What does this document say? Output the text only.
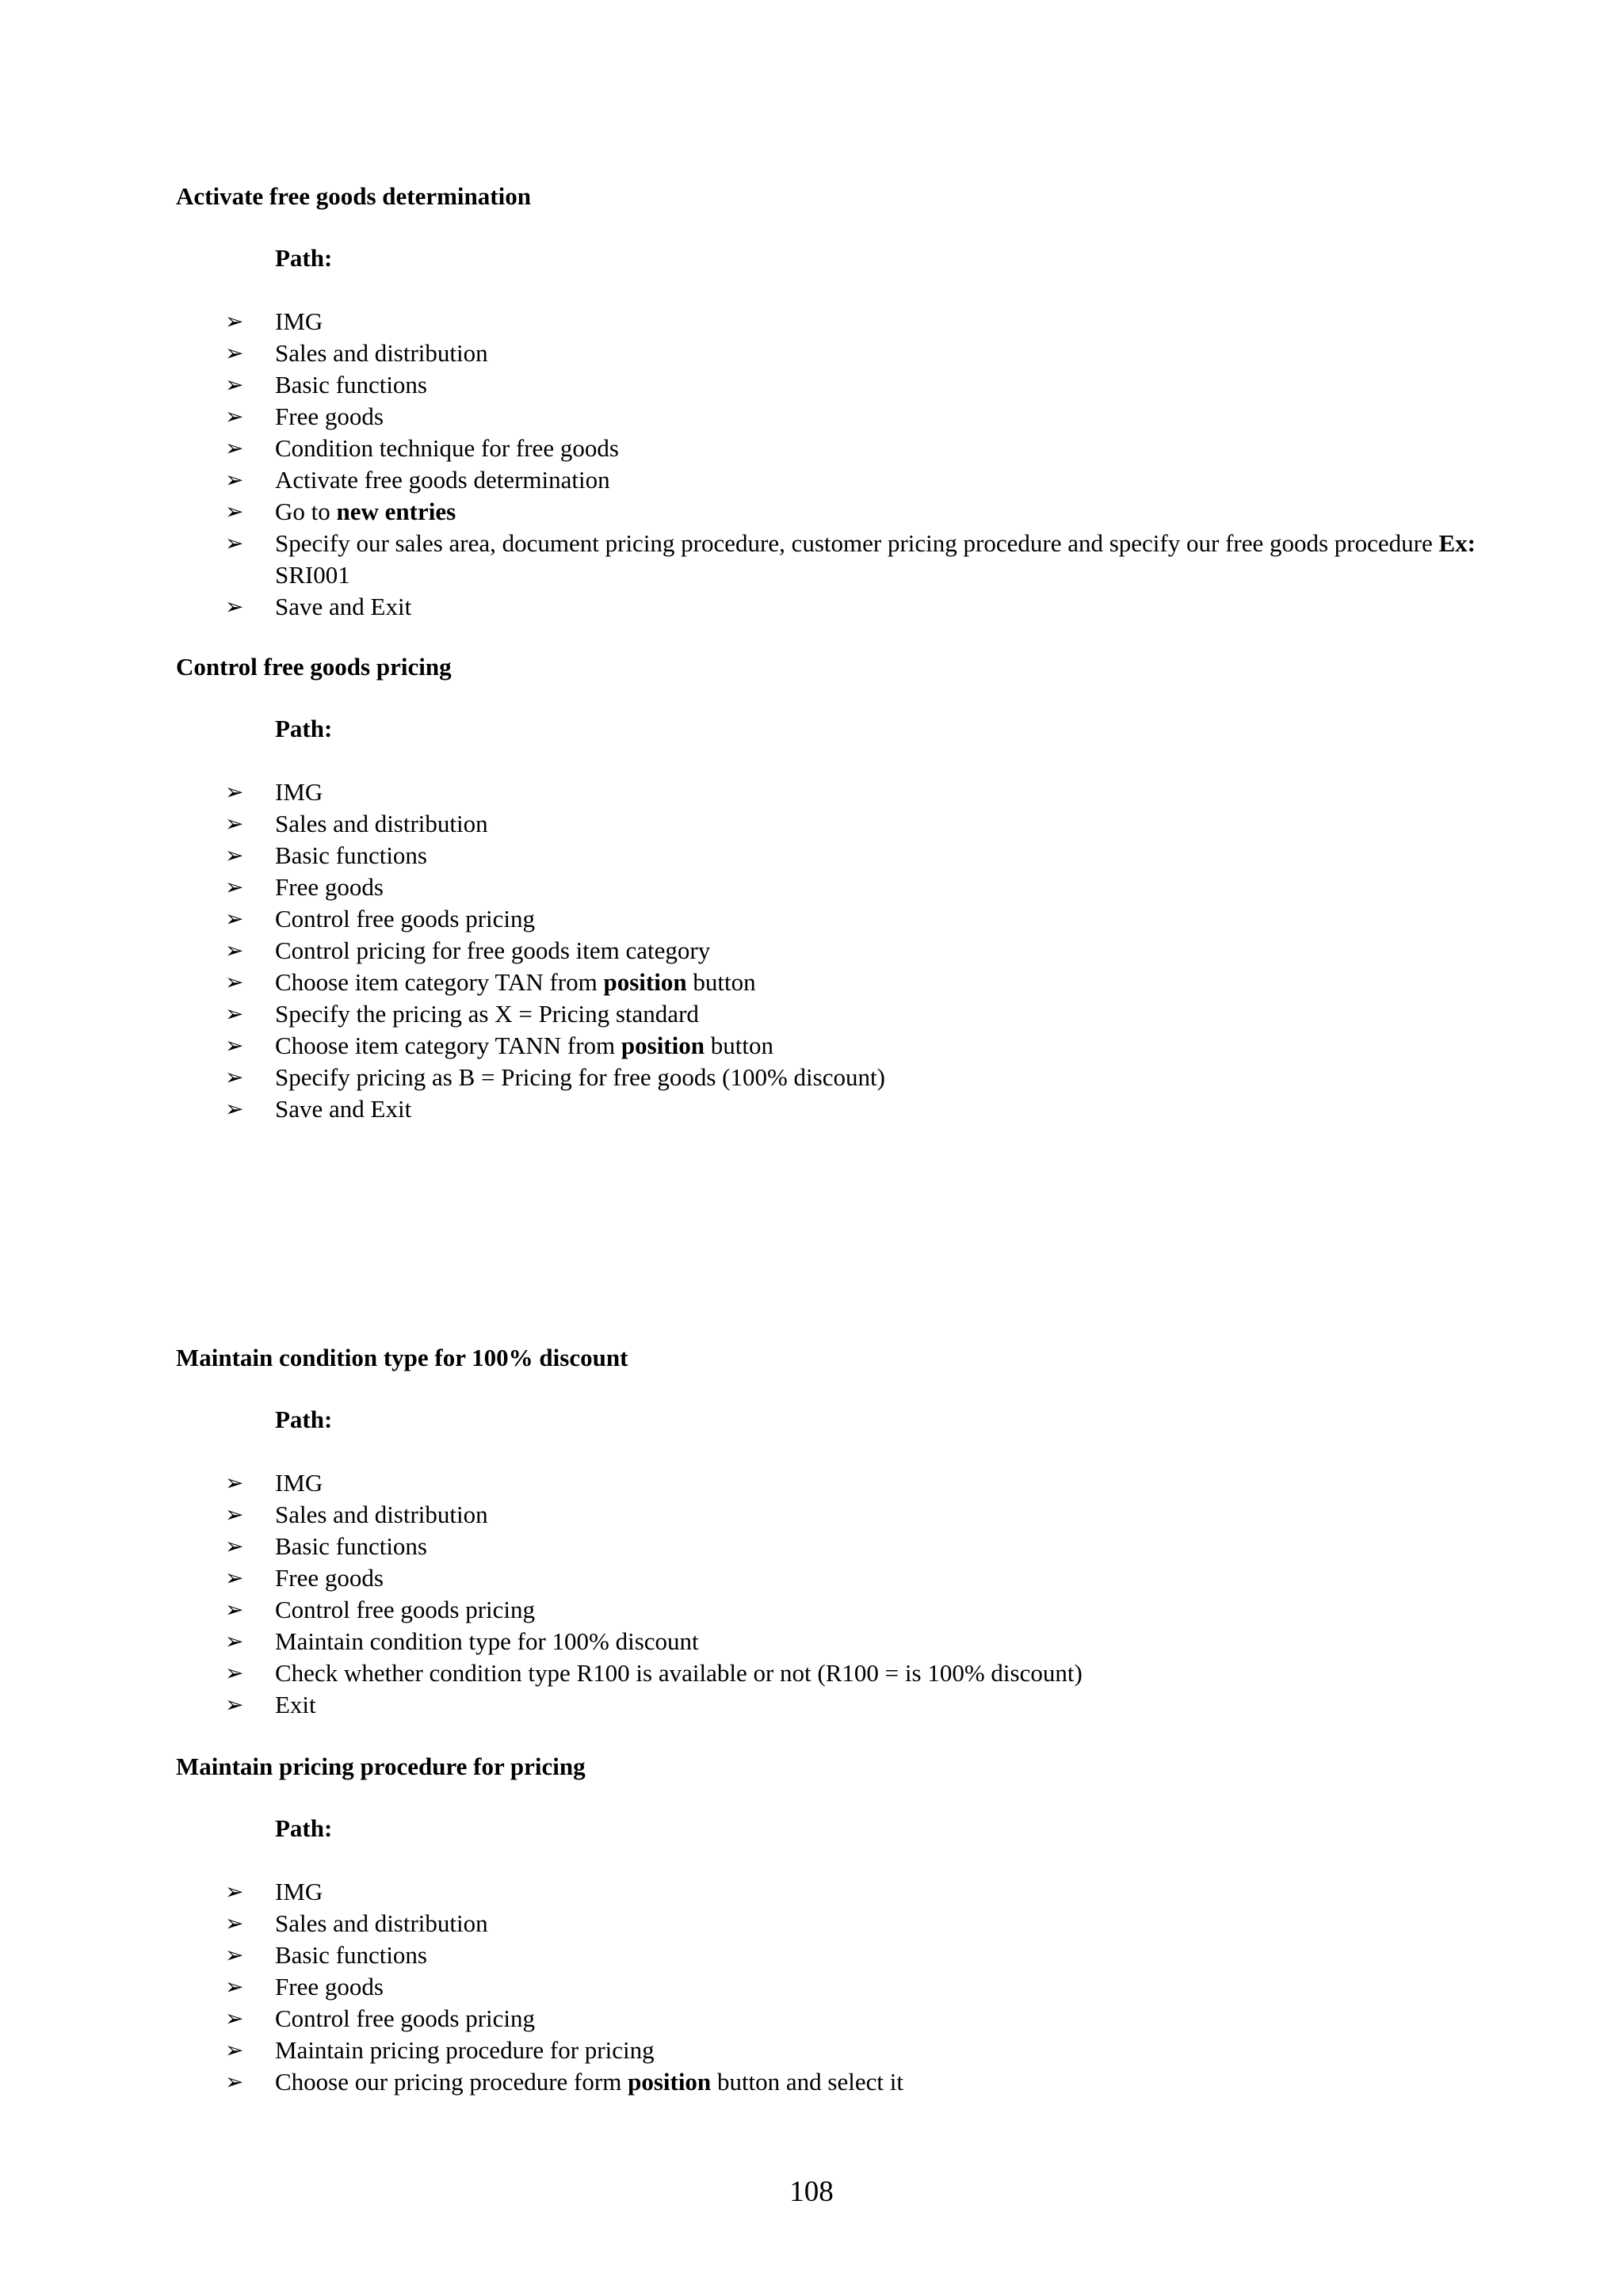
Activate free goods determination

Path:

➢ IMG
➢ Sales and distribution
➢ Basic functions
➢ Free goods
➢ Condition technique for free goods
➢ Activate free goods determination
➢ Go to new entries
➢ Specify our sales area, document pricing procedure, customer pricing procedure and specify our free goods procedure Ex: SRI001
➢ Save and Exit

Control free goods pricing

Path:

➢ IMG
➢ Sales and distribution
➢ Basic functions
➢ Free goods
➢ Control free goods pricing
➢ Control pricing for free goods item category
➢ Choose item category TAN from position button
➢ Specify the pricing as X = Pricing standard
➢ Choose item category TANN from position button
➢ Specify pricing as B = Pricing for free goods (100% discount)
➢ Save and Exit

Maintain condition type for 100% discount

Path:

➢ IMG
➢ Sales and distribution
➢ Basic functions
➢ Free goods
➢ Control free goods pricing
➢ Maintain condition type for 100% discount
➢ Check whether condition type R100 is available or not (R100 = is 100% discount)
➢ Exit

Maintain pricing procedure for pricing

Path:

➢ IMG
➢ Sales and distribution
➢ Basic functions
➢ Free goods
➢ Control free goods pricing
➢ Maintain pricing procedure for pricing
➢ Choose our pricing procedure form position button and select it
108
